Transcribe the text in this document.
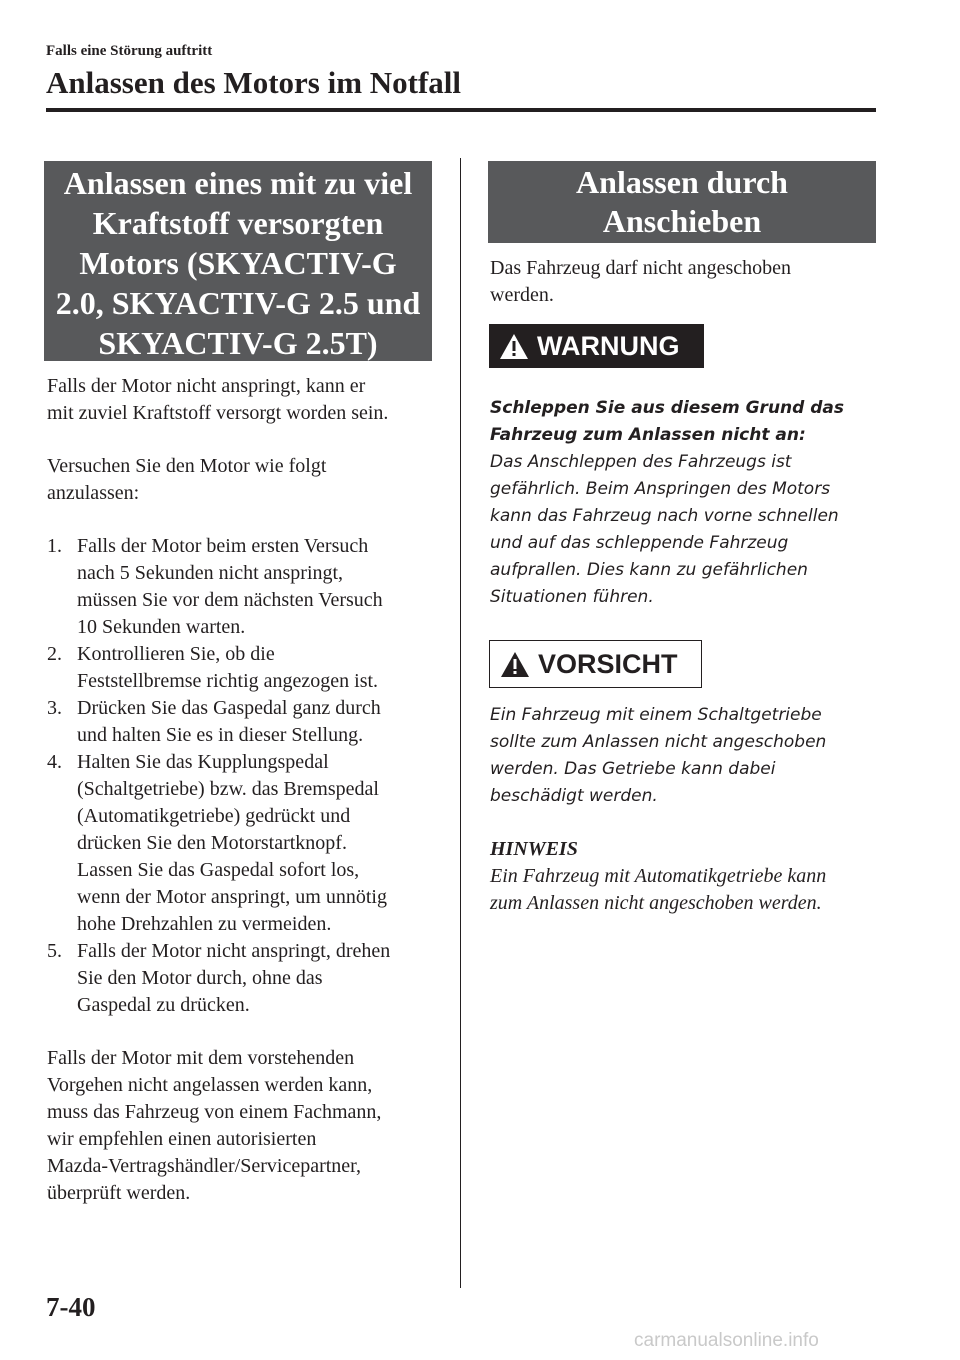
Falls eine Störung auftritt
Anlassen des Motors im Notfall
Anlassen eines mit zu viel
Kraftstoff versorgten
Motors (SKYACTIV-G
2.0, SKYACTIV-G 2.5 und
SKYACTIV-G 2.5T)

Falls der Motor nicht anspringt, kann er
mit zuviel Kraftstoff versorgt worden sein.

Versuchen Sie den Motor wie folgt
anzulassen:

1. Falls der Motor beim ersten Versuch
nach 5 Sekunden nicht anspringt,
müssen Sie vor dem nächsten Versuch
10 Sekunden warten.
2. Kontrollieren Sie, ob die
Feststellbremse richtig angezogen ist.
3. Drücken Sie das Gaspedal ganz durch
und halten Sie es in dieser Stellung.
4. Halten Sie das Kupplungspedal
(Schaltgetriebe) bzw. das Bremspedal
(Automatikgetriebe) gedrückt und
drücken Sie den Motorstartknopf.
Lassen Sie das Gaspedal sofort los,
wenn der Motor anspringt, um unnötig
hohe Drehzahlen zu vermeiden.
5. Falls der Motor nicht anspringt, drehen
Sie den Motor durch, ohne das
Gaspedal zu drücken.

Falls der Motor mit dem vorstehenden
Vorgehen nicht angelassen werden kann,
muss das Fahrzeug von einem Fachmann,
wir empfehlen einen autorisierten
Mazda-Vertragshändler/Servicepartner,
überprüft werden.

Anlassen durch
Anschieben

Das Fahrzeug darf nicht angeschoben
werden.

WARNUNG
Schleppen Sie aus diesem Grund das
Fahrzeug zum Anlassen nicht an:
Das Anschleppen des Fahrzeugs ist
gefährlich. Beim Anspringen des Motors
kann das Fahrzeug nach vorne schnellen
und auf das schleppende Fahrzeug
aufprallen. Dies kann zu gefährlichen
Situationen führen.
VORSICHT
Ein Fahrzeug mit einem Schaltgetriebe
sollte zum Anlassen nicht angeschoben
werden. Das Getriebe kann dabei
beschädigt werden.
HINWEIS
Ein Fahrzeug mit Automatikgetriebe kann
zum Anlassen nicht angeschoben werden.
7-40
carmanualsonline.info
